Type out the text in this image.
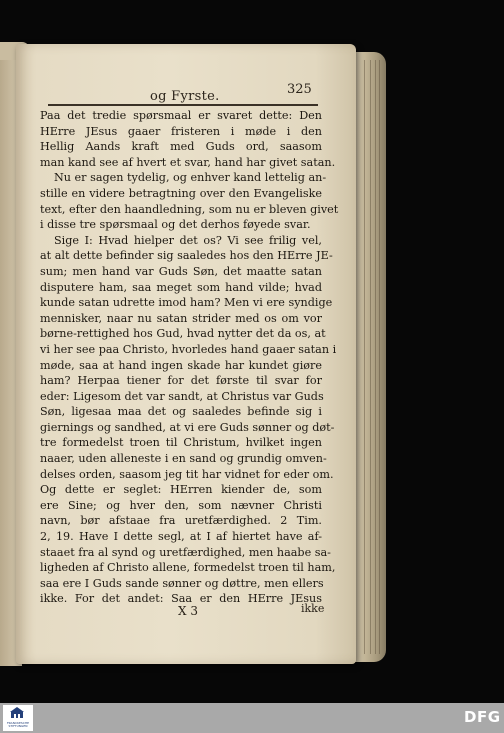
og Fyrste.	325
Paa det tredie spørsmaal er svaret dette: Den
HErre JEsus gaaer fristeren i møde i den
Hellig Aands kraft med Guds ord, saasom
man kand see af hvert et svar, hand har givet satan.
Nu er sagen tydelig, og enhver kand lettelig an-
stille en videre betragtning over den Evangeliske
text, efter den haandledning, som nu er bleven givet
i disse tre spørsmaal og det derhos føyede svar.
Sige I: Hvad hielper det os? Vi see frilig vel,
at alt dette befinder sig saaledes hos den HErre JE-
sum; men hand var Guds Søn, det maatte satan
disputere ham, saa meget som hand vilde; hvad
kunde satan udrette imod ham? Men vi ere syndige
mennisker, naar nu satan strider med os om vor
børne-rettighed hos Gud, hvad nytter det da os, at
vi her see paa Christo, hvorledes hand gaaer satan i
møde, saa at hand ingen skade har kundet giøre
ham? Herpaa tiener for det første til svar for
eder: Ligesom det var sandt, at Christus var Guds
Søn, ligesaa maa det og saaledes befinde sig i
giernings og sandhed, at vi ere Guds sønner og døt-
tre formedelst troen til Christum, hvilket ingen
naaer, uden alleneste i en sand og grundig omven-
delses orden, saasom jeg tit har vidnet for eder om.
Og dette er seglet: HErren kiender de, som
ere Sine; og hver den, som nævner Christi
navn, bør afstaae fra uretfærdighed. 2 Tim.
2, 19. Have I dette segl, at I af hiertet have af-
staaet fra al synd og uretfærdighed, men haabe sa-
ligheden af Christo allene, formedelst troen til ham,
saa ere I Guds sande sønner og døttre, men ellers
ikke. For det andet: Saa er den HErre JEsus
X 3	ikke
FRANCKESCHE STIFTUNGEN
DFG
